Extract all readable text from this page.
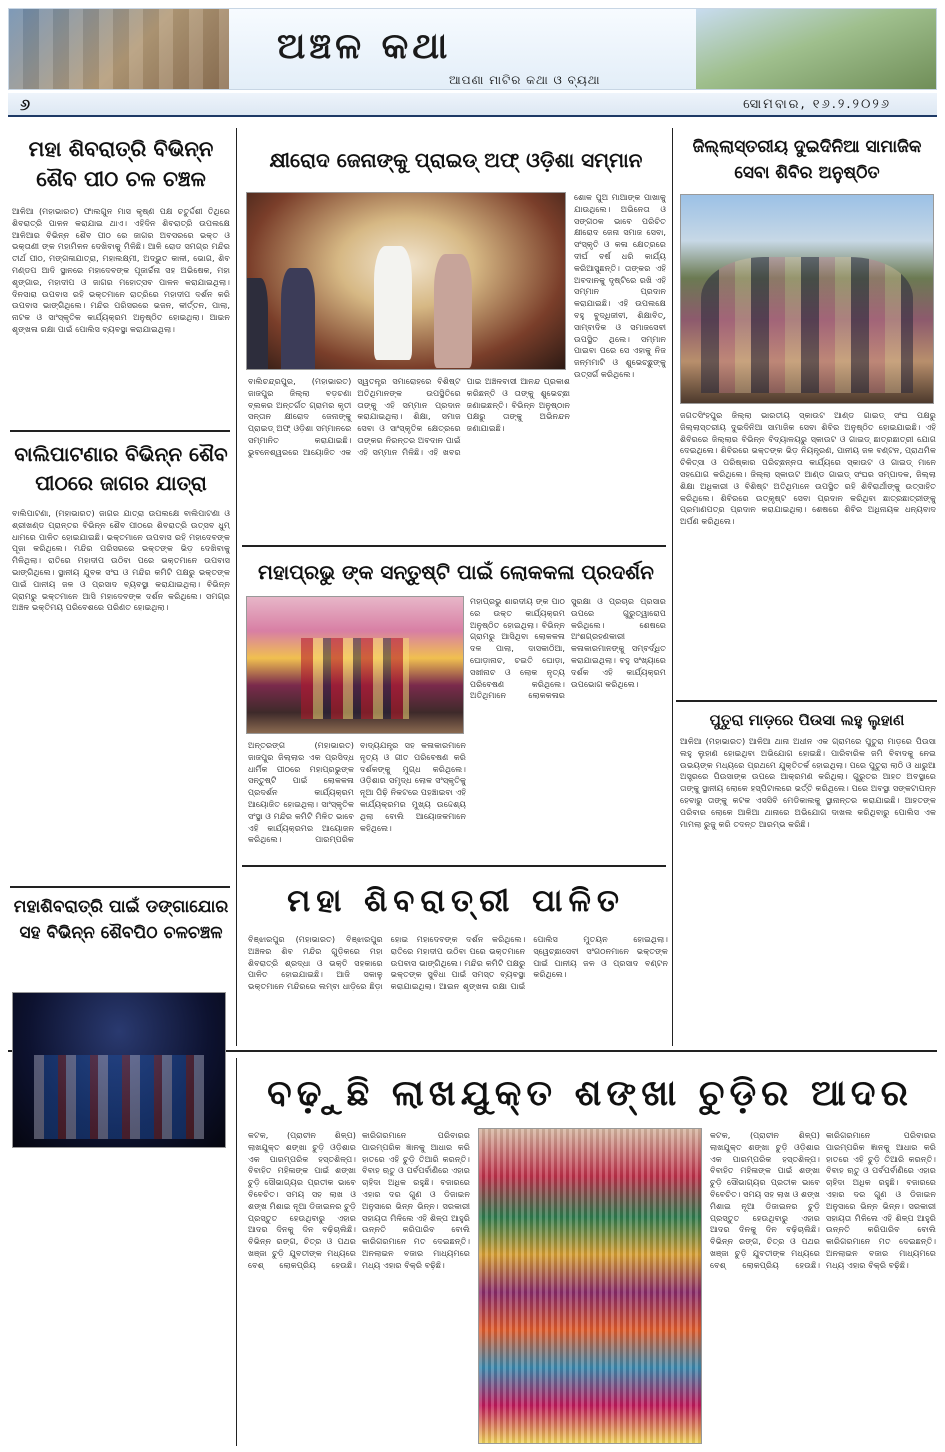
ଅଞ୍ଚଳ କଥା
ଆପଣା ମାଟିର କଥା ଓ ବ୍ୟଥା
୬	ସୋମବାର, ୧୬.୨.୨୦୨୬
ମହା ଶିବରାତ୍ରି ବିଭିନ୍ନ ଶୈବ ପୀଠ ଚଳ ଚଞ୍ଚଳ
ଆଳିଆ (ମହାଭାରତ) ଫାଲଗୁନ ମାସ କୃଷ୍ଣ ପକ୍ଷ ଚତୁର୍ଦ୍ଦଶୀ ତିଥିରେ ଶିବରାତ୍ରି ପାଳନ କରାଯାଇ ଥାଏ। ଏହିଦିନ ଶିବରାତ୍ରି ଉପଲକ୍ଷେ ଆଳିଆର ବିଭିନ୍ନ ଶୈବ ପୀଠ ରେ ଜାଗର ଅବସରରେ ଭକ୍ତ ଓ ଭକ୍ତାଣୀ ଙ୍କ ମହାମିଳନ ଦେଖିବାକୁ ମିଳିଛି। ଆଳି ରୋଡ ସମଗ୍ର ମନ୍ଦିର ତୀର୍ଥ ପୀଠ, ମଙ୍ଗଳାଯାତ୍ରା, ମହାଲକ୍ଷ୍ମୀ, ଅଦ୍ଭୁତ କାଳୀ, ଭୋଗ, ଶିବ ମଣ୍ଡପ ଆଦି ସ୍ଥାନରେ ମହାଦେବଙ୍କ ପୂଜାର୍ଚ୍ଚନା ସହ ଅଭିଷେକ, ମହା ଶୃଙ୍ଗାର, ମହାଦୀପ ଓ ଜାଗର ମହୋତ୍ସବ ପାଳନ କରାଯାଇଥିଲା। ଦିନସାରା ଉପବାସ ରହି ଭକ୍ତମାନେ ରାତ୍ରିରେ ମହାଦୀପ ଦର୍ଶନ କରି ଉପବାସ ଭାଙ୍ଗିଥିଲେ। ମନ୍ଦିର ପରିସରରେ ଭଜନ, କୀର୍ତ୍ତନ, ପାଲା, ନାଟକ ଓ ସାଂସ୍କୃତିକ କାର୍ଯ୍ୟକ୍ରମ ଅନୁଷ୍ଠିତ ହୋଇଥିଲା। ଆଇନ ଶୃଙ୍ଖଳା ରକ୍ଷା ପାଇଁ ପୋଲିସ ବ୍ୟବସ୍ଥା କରାଯାଇଥିଲା।
ବାଲିପାଟଣାର ବିଭିନ୍ନ ଶୈବ ପୀଠରେ ଜାଗର ଯାତ୍ରା
ବାଲିପାଟଣା, (ମହାଭାରତ) ଜାଗର ଯାତ୍ରା ଉପଲକ୍ଷେ ବାଲିପାଟଣା ଓ ଶ୍ରୀଖଣ୍ଡ ପ୍ରାନ୍ତର ବିଭିନ୍ନ ଶୈବ ପୀଠରେ ଶିବରାତ୍ରି ଉତ୍ସବ ଧୁମ୍ ଧାମରେ ପାଳିତ ହୋଇଯାଇଛି। ଭକ୍ତମାନେ ଉପବାସ ରହି ମହାଦେବଙ୍କ ପୂଜା କରିଥିଲେ। ମନ୍ଦିର ପରିସରରେ ଭକ୍ତଙ୍କ ଭିଡ଼ ଦେଖିବାକୁ ମିଳିଥିଲା। ରାତିରେ ମହାଦୀପ ଉଠିବା ପରେ ଭକ୍ତମାନେ ଉପବାସ ଭାଙ୍ଗିଥିଲେ। ସ୍ଥାନୀୟ ଯୁବକ ସଂଘ ଓ ମନ୍ଦିର କମିଟି ପକ୍ଷରୁ ଭକ୍ତଙ୍କ ପାଇଁ ପାନୀୟ ଜଳ ଓ ପ୍ରସାଦ ବ୍ୟବସ୍ଥା କରାଯାଇଥିଲା। ବିଭିନ୍ନ ଗ୍ରାମରୁ ଭକ୍ତମାନେ ଆସି ମହାଦେବଙ୍କ ଦର୍ଶନ କରିଥିଲେ। ସମଗ୍ର ଅଞ୍ଚଳ ଭକ୍ତିମୟ ପରିବେଶରେ ପରିଣତ ହୋଇଥିଲା।
ମହାଶିବରାତ୍ରି ପାଇଁ ଡଙ୍ଗାଯୋର ସହ ବିଭିନ୍ନ ଶୈବପିଠ ଚଳଚଞ୍ଚଳ
କ୍ଷୀରୋଦ ଜେନାଙ୍କୁ ପ୍ରାଇଡ୍ ଅଫ୍ ଓଡ଼ିଶା ସମ୍ମାନ
ଶୋକ ପୁଅ ମାଆଙ୍କ ପାଖାକୁ ଯାଉଥିଲେ। ଅଭିନେତା ଓ ସଙ୍ଗଠକ ଭାବେ ପରିଚିତ କ୍ଷୀରୋଦ ଜେନା ସମାଜ ସେବା, ସଂସ୍କୃତି ଓ କଳା କ୍ଷେତ୍ରରେ ଦୀର୍ଘ ବର୍ଷ ଧରି କାର୍ଯ୍ୟ କରିଆସୁଛନ୍ତି। ତାଙ୍କର ଏହି ଅବଦାନକୁ ଦୃଷ୍ଟିରେ ରଖି ଏହି ସମ୍ମାନ ପ୍ରଦାନ କରାଯାଇଛି। ଏହି ଉପଲକ୍ଷେ ବହୁ ବୁଦ୍ଧିଜୀବୀ, ଶିକ୍ଷାବିତ୍, ସାମ୍ବାଦିକ ଓ ସମାଜସେବୀ ଉପସ୍ଥିତ ଥିଲେ। ସମ୍ମାନ ପାଇବା ପରେ ସେ ଏହାକୁ ନିଜ ଜନ୍ମମାଟି ଓ ଶୁଭେଚ୍ଛୁଙ୍କୁ ଉତ୍ସର୍ଗ କରିଥିଲେ।
ବାଲିଚନ୍ଦ୍ରପୁର, (ମହାଭାରତ) ଜାଜପୁର ଜିଲ୍ଲା ବଡ଼ଚଣା ବ୍ଲକର ଅନ୍ତର୍ଗତ ଗ୍ରାମର କୃତୀ ସନ୍ତାନ କ୍ଷୀରୋଦ ଜେନାଙ୍କୁ ପ୍ରାଇଡ୍ ଅଫ୍ ଓଡ଼ିଶା ସମ୍ମାନରେ ସମ୍ମାନିତ କରାଯାଇଛି। ଭୁବନେଶ୍ୱରରେ ଆୟୋଜିତ ଏକ ସ୍ୱତନ୍ତ୍ର ସମାରୋହରେ ବିଶିଷ୍ଟ ଅତିଥିମାନଙ୍କ ଉପସ୍ଥିତିରେ ତାଙ୍କୁ ଏହି ସମ୍ମାନ ପ୍ରଦାନ କରାଯାଇଥିଲା। ଶିକ୍ଷା, ସମାଜ ସେବା ଓ ସାଂସ୍କୃତିକ କ୍ଷେତ୍ରରେ ତାଙ୍କର ନିରନ୍ତର ଅବଦାନ ପାଇଁ ଏହି ସମ୍ମାନ ମିଳିଛି। ଏହି ଖବର ପାଇ ଅଞ୍ଚଳବାସୀ ଆନନ୍ଦ ପ୍ରକାଶ କରିଛନ୍ତି ଓ ତାଙ୍କୁ ଶୁଭେଚ୍ଛା ଜଣାଇଛନ୍ତି। ବିଭିନ୍ନ ଅନୁଷ୍ଠାନ ପକ୍ଷରୁ ତାଙ୍କୁ ଅଭିନନ୍ଦନ ଜଣାଯାଇଛି।
ମହାପ୍ରଭୁ ଙ୍କ ସନ୍ତୁଷ୍ଟି ପାଇଁ ଲୋକକଳା ପ୍ରଦର୍ଶନ
ମହାପ୍ରଭୁ ଶାରଦୀୟ ଙ୍କ ପାଠ ରେ ଉକ୍ତ କାର୍ଯ୍ୟକ୍ରମ ଅନୁଷ୍ଠିତ ହୋଇଥିଲା। ବିଭିନ୍ନ ଗ୍ରାମରୁ ଆସିଥିବା ଲୋକକଳା ଦଳ ପାଲା, ଦାସକାଠିଆ, ଘୋଡ଼ାନାଚ, ଚଇତି ଘୋଡ଼ା, ସଖୀନାଚ ଓ ଲୋକ ନୃତ୍ୟ ପରିବେଷଣ କରିଥିଲେ। ଅତିଥିମାନେ ଲୋକକଳାର ସୁରକ୍ଷା ଓ ପ୍ରଚାର ପ୍ରସାର ଉପରେ ଗୁରୁତ୍ୱାରୋପ କରିଥିଲେ। ଶେଷରେ ଅଂଶଗ୍ରହଣକାରୀ କଳାକାରମାନଙ୍କୁ ସମ୍ବର୍ଦ୍ଧିତ କରାଯାଇଥିଲା। ବହୁ ସଂଖ୍ୟାରେ ଦର୍ଶକ ଏହି କାର୍ଯ୍ୟକ୍ରମ ଉପଭୋଗ କରିଥିଲେ।
ଅନ୍ତରଙ୍ଗ (ମହାଭାରତ) ଜାଜପୁର ଜିଲ୍ଲାର ଏକ ପ୍ରସିଦ୍ଧ ଧାର୍ମିକ ପୀଠରେ ମହାପ୍ରଭୁଙ୍କ ସନ୍ତୁଷ୍ଟି ପାଇଁ ଲୋକକଳା ପ୍ରଦର୍ଶନ କାର୍ଯ୍ୟକ୍ରମ ଆୟୋଜିତ ହୋଇଥିଲା। ସାଂସ୍କୃତିକ ସଂସ୍ଥା ଓ ମନ୍ଦିର କମିଟି ମିଳିତ ଭାବେ ଏହି କାର୍ଯ୍ୟକ୍ରମର ଆୟୋଜନ କରିଥିଲେ। ପାରମ୍ପରିକ ବାଦ୍ୟଯନ୍ତ୍ର ସହ କଳାକାରମାନେ ନୃତ୍ୟ ଓ ଗୀତ ପରିବେଷଣ କରି ଦର୍ଶକଙ୍କୁ ମୁଗ୍ଧ କରିଥିଲେ। ଓଡ଼ିଶାର ସମୃଦ୍ଧ ଲୋକ ସଂସ୍କୃତିକୁ ନୂଆ ପିଢ଼ି ନିକଟରେ ପହଞ୍ଚାଇବା ଏହି କାର୍ଯ୍ୟକ୍ରମର ମୁଖ୍ୟ ଉଦ୍ଦେଶ୍ୟ ଥିଲା ବୋଲି ଆୟୋଜକମାନେ କହିଥିଲେ।
ମହା ଶିବରାତ୍ରୀ ପାଳିତ
ବିଞ୍ଝାରପୁର (ମହାଭାରତ) ବିଞ୍ଝାରପୁର ଅଞ୍ଚଳର ଶିବ ମନ୍ଦିର ଗୁଡ଼ିକରେ ମହା ଶିବରାତ୍ରି ଶ୍ରଦ୍ଧା ଓ ଭକ୍ତି ସହକାରେ ପାଳିତ ହୋଇଯାଇଛି। ଆଜି ସକାଳୁ ଭକ୍ତମାନେ ମନ୍ଦିରରେ ଲମ୍ବା ଧାଡ଼ିରେ ଛିଡ଼ା ହୋଇ ମହାଦେବଙ୍କ ଦର୍ଶନ କରିଥିଲେ। ରାତିରେ ମହାଦୀପ ଉଠିବା ପରେ ଭକ୍ତମାନେ ଉପବାସ ଭାଙ୍ଗିଥିଲେ। ମନ୍ଦିର କମିଟି ପକ୍ଷରୁ ଭକ୍ତଙ୍କ ସୁବିଧା ପାଇଁ ସମସ୍ତ ବ୍ୟବସ୍ଥା କରାଯାଇଥିଲା। ଆଇନ ଶୃଙ୍ଖଳା ରକ୍ଷା ପାଇଁ ପୋଲିସ ମୁତୟନ ହୋଇଥିଲା। ସ୍ୱେଚ୍ଛାସେବୀ ସଂଗଠନମାନେ ଭକ୍ତଙ୍କ ପାଇଁ ପାନୀୟ ଜଳ ଓ ପ୍ରସାଦ ବଣ୍ଟନ କରିଥିଲେ।
ଜିଲ୍ଲାସ୍ତରୀୟ ଦୁଇଦିନିଆ ସାମାଜିକ ସେବା ଶିବିର ଅନୁଷ୍ଠିତ
ଜଗତସିଂହପୁର ଜିଲ୍ଲା ଭାରତୀୟ ସ୍କାଉଟ ଆଣ୍ଡ ଗାଇଡ୍ ସଂଘ ପକ୍ଷରୁ ଜିଲ୍ଲାସ୍ତରୀୟ ଦୁଇଦିନିଆ ସାମାଜିକ ସେବା ଶିବିର ଅନୁଷ୍ଠିତ ହୋଇଯାଇଛି। ଏହି ଶିବିରରେ ଜିଲ୍ଲାର ବିଭିନ୍ନ ବିଦ୍ୟାଳୟରୁ ସ୍କାଉଟ ଓ ଗାଇଡ୍ ଛାତ୍ରଛାତ୍ରୀ ଯୋଗ ଦେଇଥିଲେ। ଶିବିରରେ ଭକ୍ତଙ୍କ ଭିଡ଼ ନିୟନ୍ତ୍ରଣ, ପାନୀୟ ଜଳ ବଣ୍ଟନ, ପ୍ରାଥମିକ ଚିକିତ୍ସା ଓ ପରିଷ୍କାର ପରିଚ୍ଛନ୍ନତା କାର୍ଯ୍ୟରେ ସ୍କାଉଟ ଓ ଗାଇଡ୍ ମାନେ ସହଯୋଗ କରିଥିଲେ। ଜିଲ୍ଲା ସ୍କାଉଟ ଆଣ୍ଡ ଗାଇଡ୍ ସଂଘର ସମ୍ପାଦକ, ଜିଲ୍ଲା ଶିକ୍ଷା ଅଧିକାରୀ ଓ ବିଶିଷ୍ଟ ଅତିଥିମାନେ ଉପସ୍ଥିତ ରହି ଶିବିରାର୍ଥୀଙ୍କୁ ଉତ୍ସାହିତ କରିଥିଲେ। ଶିବିରରେ ଉତ୍କୃଷ୍ଟ ସେବା ପ୍ରଦାନ କରିଥିବା ଛାତ୍ରଛାତ୍ରୀଙ୍କୁ ପ୍ରମାଣପତ୍ର ପ୍ରଦାନ କରାଯାଇଥିଲା। ଶେଷରେ ଶିବିର ଅଧିନାୟକ ଧନ୍ୟବାଦ ଅର୍ପଣ କରିଥିଲେ।
ପୁତୁରା ମାଡ଼ରେ ପିଉସା ଲହୁ ଲୁହାଣ
ଆଳିଆ (ମହାଭାରତ) ଆଳିଆ ଥାନା ଅଧୀନ ଏକ ଗ୍ରାମରେ ପୁତୁରା ମାଡ଼ରେ ପିଉସା ଲହୁ ଲୁହାଣ ହୋଇଥିବା ଅଭିଯୋଗ ହୋଇଛି। ପାରିବାରିକ ଜମି ବିବାଦକୁ ନେଇ ଉଭୟଙ୍କ ମଧ୍ୟରେ ପ୍ରଥମେ ଯୁକ୍ତିତର୍କ ହୋଇଥିଲା। ପରେ ପୁତୁରା ଲାଠି ଓ ଧାରୁଆ ଅସ୍ତ୍ରରେ ପିଉସାଙ୍କ ଉପରେ ଆକ୍ରମଣ କରିଥିଲା। ଗୁରୁତର ଆହତ ଅବସ୍ଥାରେ ତାଙ୍କୁ ସ୍ଥାନୀୟ ଲୋକେ ହସ୍ପିଟାଲରେ ଭର୍ତ୍ତି କରିଥିଲେ। ପରେ ଅବସ୍ଥା ସଙ୍କଟାପନ୍ନ ହେବାରୁ ତାଙ୍କୁ କଟକ ଏସସିବି ମେଡିକାଲକୁ ସ୍ଥାନାନ୍ତର କରାଯାଇଛି। ଆହତଙ୍କ ପରିବାର ଲୋକେ ଆଳିଆ ଥାନାରେ ଅଭିଯୋଗ ଦାଖଲ କରିଥିବାରୁ ପୋଲିସ ଏକ ମାମଲା ରୁଜୁ କରି ତଦନ୍ତ ଆରମ୍ଭ କରିଛି।
ବଢ଼ୁଛି ଲାଖଯୁକ୍ତ ଶଙ୍ଖା ଚୁଡ଼ିର ଆଦର
କଟକ, (ପ୍ରାଚୀନ ଶିଳ୍ପ) ଲାଖଯୁକ୍ତ ଶଙ୍ଖା ଚୁଡ଼ି ଓଡ଼ିଶାର ଏକ ପାରମ୍ପରିକ ହସ୍ତଶିଳ୍ପ। ବିବାହିତ ମହିଳାଙ୍କ ପାଇଁ ଶଙ୍ଖା ଚୁଡ଼ି ସୌଭାଗ୍ୟର ପ୍ରତୀକ ଭାବେ ବିବେଚିତ। ସମୟ ସହ ଲାଖ ଓ ଶଙ୍ଖ ମିଶାଇ ନୂଆ ଡିଜାଇନର ଚୁଡ଼ି ପ୍ରସ୍ତୁତ ହେଉଥିବାରୁ ଏହାର ଆଦର ଦିନକୁ ଦିନ ବଢ଼ିଚାଲିଛି। ବିଭିନ୍ନ ରଙ୍ଗ, ଚିତ୍ର ଓ ପଥର ଖଞ୍ଜା ଚୁଡ଼ି ଯୁବତୀଙ୍କ ମଧ୍ୟରେ ବେଶ୍ ଲୋକପ୍ରିୟ ହେଉଛି। କାରିଗରମାନେ ପରିବାରର ପାରମ୍ପରିକ ଜ୍ଞାନକୁ ଆଧାର କରି ହାତରେ ଏହି ଚୁଡ଼ି ତିଆରି କରନ୍ତି। ବିବାହ ଋତୁ ଓ ପର୍ବପର୍ବାଣିରେ ଏହାର ଚାହିଦା ଅଧିକ ରହୁଛି। ବଜାରରେ ଏହାର ଦର ଗୁଣ ଓ ଡିଜାଇନ ଅନୁସାରେ ଭିନ୍ନ ଭିନ୍ନ। ସରକାରୀ ସହାୟତା ମିଳିଲେ ଏହି ଶିଳ୍ପ ଆହୁରି ଉନ୍ନତି କରିପାରିବ ବୋଲି କାରିଗରମାନେ ମତ ଦେଇଛନ୍ତି। ଅନଲାଇନ ବଜାର ମାଧ୍ୟମରେ ମଧ୍ୟ ଏହାର ବିକ୍ରି ବଢ଼ିଛି।
କଟକ, (ପ୍ରାଚୀନ ଶିଳ୍ପ) ଲାଖଯୁକ୍ତ ଶଙ୍ଖା ଚୁଡ଼ି ଓଡ଼ିଶାର ଏକ ପାରମ୍ପରିକ ହସ୍ତଶିଳ୍ପ। ବିବାହିତ ମହିଳାଙ୍କ ପାଇଁ ଶଙ୍ଖା ଚୁଡ଼ି ସୌଭାଗ୍ୟର ପ୍ରତୀକ ଭାବେ ବିବେଚିତ। ସମୟ ସହ ଲାଖ ଓ ଶଙ୍ଖ ମିଶାଇ ନୂଆ ଡିଜାଇନର ଚୁଡ଼ି ପ୍ରସ୍ତୁତ ହେଉଥିବାରୁ ଏହାର ଆଦର ଦିନକୁ ଦିନ ବଢ଼ିଚାଲିଛି। ବିଭିନ୍ନ ରଙ୍ଗ, ଚିତ୍ର ଓ ପଥର ଖଞ୍ଜା ଚୁଡ଼ି ଯୁବତୀଙ୍କ ମଧ୍ୟରେ ବେଶ୍ ଲୋକପ୍ରିୟ ହେଉଛି। କାରିଗରମାନେ ପରିବାରର ପାରମ୍ପରିକ ଜ୍ଞାନକୁ ଆଧାର କରି ହାତରେ ଏହି ଚୁଡ଼ି ତିଆରି କରନ୍ତି। ବିବାହ ଋତୁ ଓ ପର୍ବପର୍ବାଣିରେ ଏହାର ଚାହିଦା ଅଧିକ ରହୁଛି। ବଜାରରେ ଏହାର ଦର ଗୁଣ ଓ ଡିଜାଇନ ଅନୁସାରେ ଭିନ୍ନ ଭିନ୍ନ। ସରକାରୀ ସହାୟତା ମିଳିଲେ ଏହି ଶିଳ୍ପ ଆହୁରି ଉନ୍ନତି କରିପାରିବ ବୋଲି କାରିଗରମାନେ ମତ ଦେଇଛନ୍ତି। ଅନଲାଇନ ବଜାର ମାଧ୍ୟମରେ ମଧ୍ୟ ଏହାର ବିକ୍ରି ବଢ଼ିଛି।
